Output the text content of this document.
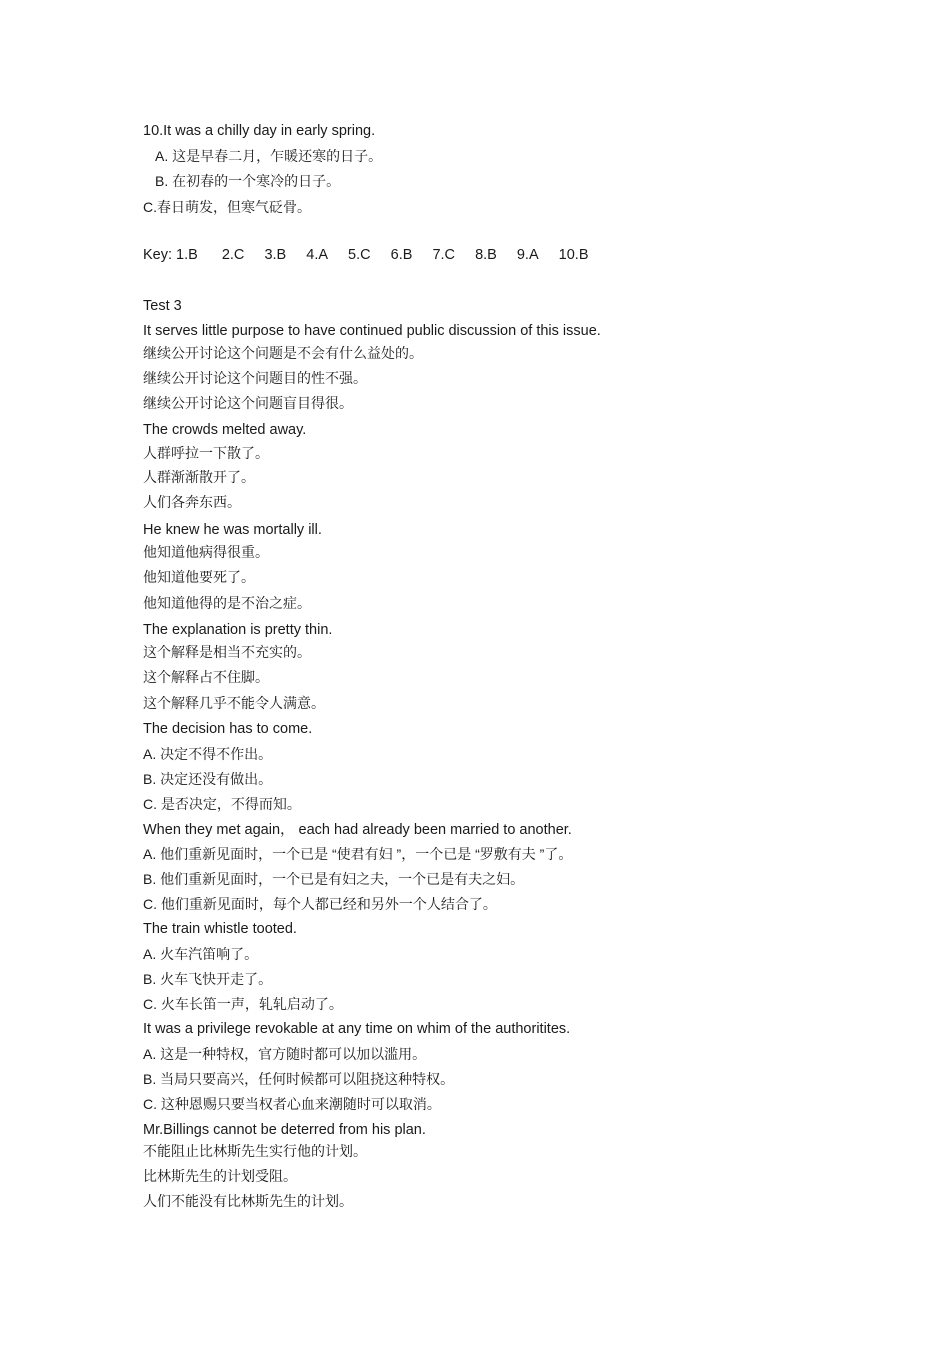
10.It was a chilly day in early spring.
A. 这是早春二月，乍暖还寒的日子。
B. 在初春的一个寒冷的日子。
C.春日萌发，但寒气砭骨。
Key: 1.B 2.C 3.B 4.A 5.C 6.B 7.C 8.B 9.A 10.B
Test 3
It serves little purpose to have continued public discussion of this issue.
继续公开讨论这个问题是不会有什么益处的。
继续公开讨论这个问题目的性不强。
继续公开讨论这个问题盲目得很。
The crowds melted away.
人群呼拉一下散了。
人群渐渐散开了。
人们各奔东西。
He knew he was mortally ill.
他知道他病得很重。
他知道他要死了。
他知道他得的是不治之症。
The explanation is pretty thin.
这个解释是相当不充实的。
这个解释占不住脚。
这个解释几乎不能令人满意。
The decision has to come.
A. 决定不得不作出。
B. 决定还没有做出。
C. 是否决定，不得而知。
When they met again， each had already been married to another.
A. 他们重新见面时，一个已是 “使君有妇 ”，一个已是 “罗敷有夫 ”了。
B. 他们重新见面时，一个已是有妇之夫，一个已是有夫之妇。
C. 他们重新见面时，每个人都已经和另外一个人结合了。
The train whistle tooted.
A. 火车汽笛响了。
B. 火车飞快开走了。
C. 火车长笛一声，轧轧启动了。
It was a privilege revokable at any time on whim of the authoritites.
A. 这是一种特权，官方随时都可以加以滥用。
B. 当局只要高兴，任何时候都可以阻挠这种特权。
C. 这种恩赐只要当权者心血来潮随时可以取消。
Mr.Billings cannot be deterred from his plan.
不能阻止比林斯先生实行他的计划。
比林斯先生的计划受阻。
人们不能没有比林斯先生的计划。
